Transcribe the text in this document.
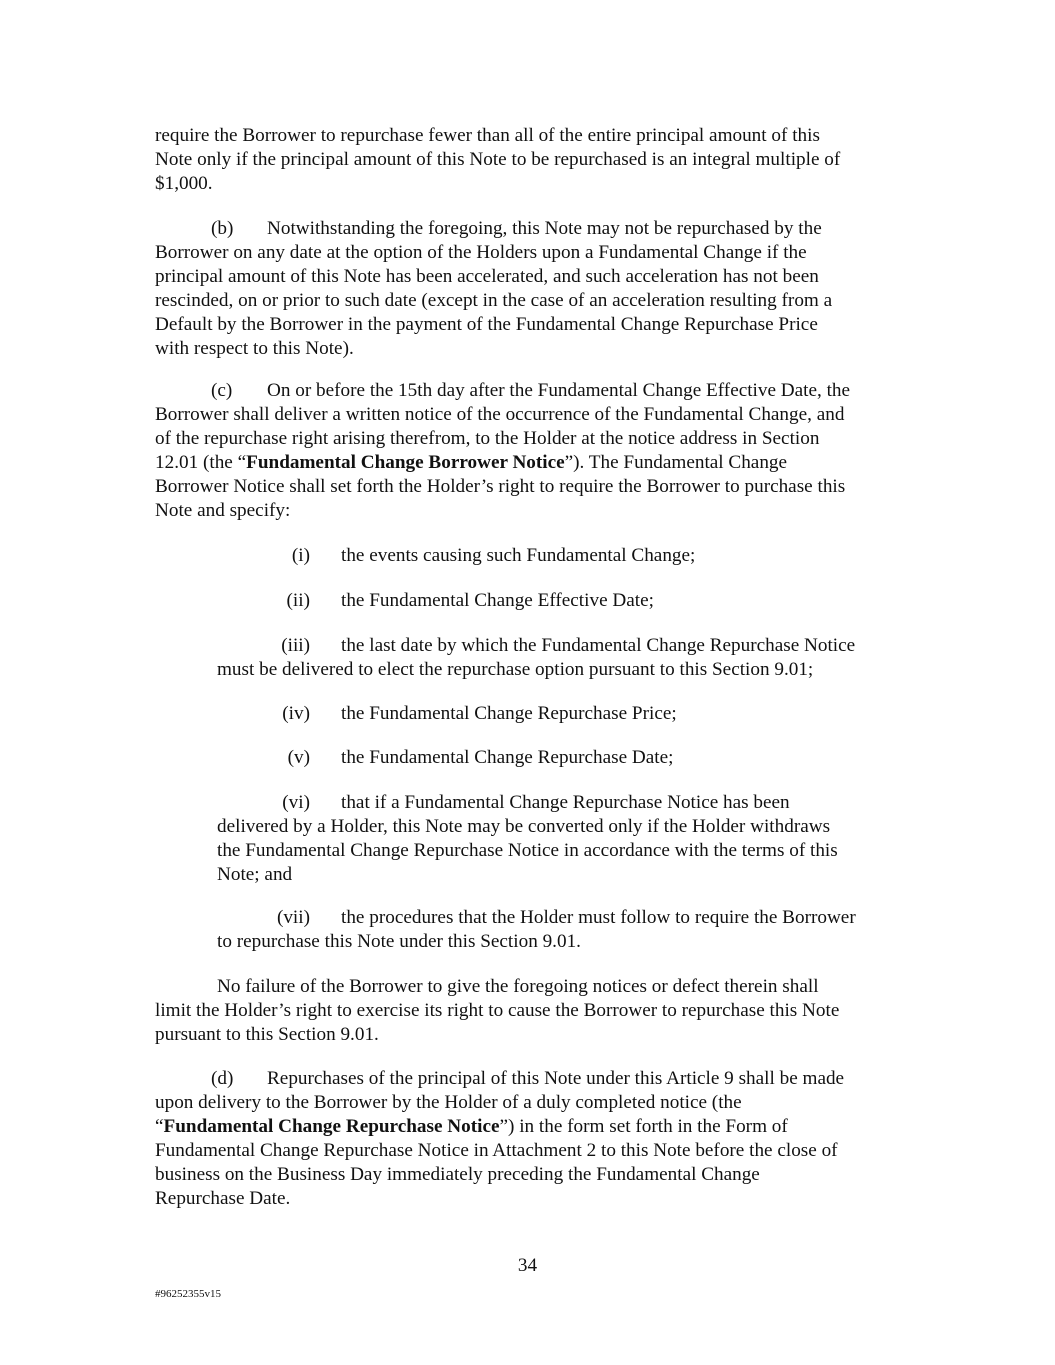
require the Borrower to repurchase fewer than all of the entire principal amount of this
Note only if the principal amount of this Note to be repurchased is an integral multiple of
$1,000.
(b) Notwithstanding the foregoing, this Note may not be repurchased by the
Borrower on any date at the option of the Holders upon a Fundamental Change if the
principal amount of this Note has been accelerated, and such acceleration has not been
rescinded, on or prior to such date (except in the case of an acceleration resulting from a
Default by the Borrower in the payment of the Fundamental Change Repurchase Price
with respect to this Note).
(c) On or before the 15th day after the Fundamental Change Effective Date, the
Borrower shall deliver a written notice of the occurrence of the Fundamental Change, and
of the repurchase right arising therefrom, to the Holder at the notice address in Section
12.01 (the “Fundamental Change Borrower Notice”). The Fundamental Change
Borrower Notice shall set forth the Holder’s right to require the Borrower to purchase this
Note and specify:
(i) the events causing such Fundamental Change;
(ii) the Fundamental Change Effective Date;
(iii) the last date by which the Fundamental Change Repurchase Notice
must be delivered to elect the repurchase option pursuant to this Section 9.01;
(iv) the Fundamental Change Repurchase Price;
(v) the Fundamental Change Repurchase Date;
(vi) that if a Fundamental Change Repurchase Notice has been
delivered by a Holder, this Note may be converted only if the Holder withdraws
the Fundamental Change Repurchase Notice in accordance with the terms of this
Note; and
(vii) the procedures that the Holder must follow to require the Borrower
to repurchase this Note under this Section 9.01.
No failure of the Borrower to give the foregoing notices or defect therein shall
limit the Holder’s right to exercise its right to cause the Borrower to repurchase this Note
pursuant to this Section 9.01.
(d) Repurchases of the principal of this Note under this Article 9 shall be made
upon delivery to the Borrower by the Holder of a duly completed notice (the
“Fundamental Change Repurchase Notice”) in the form set forth in the Form of
Fundamental Change Repurchase Notice in Attachment 2 to this Note before the close of
business on the Business Day immediately preceding the Fundamental Change
Repurchase Date.
34
#96252355v15
